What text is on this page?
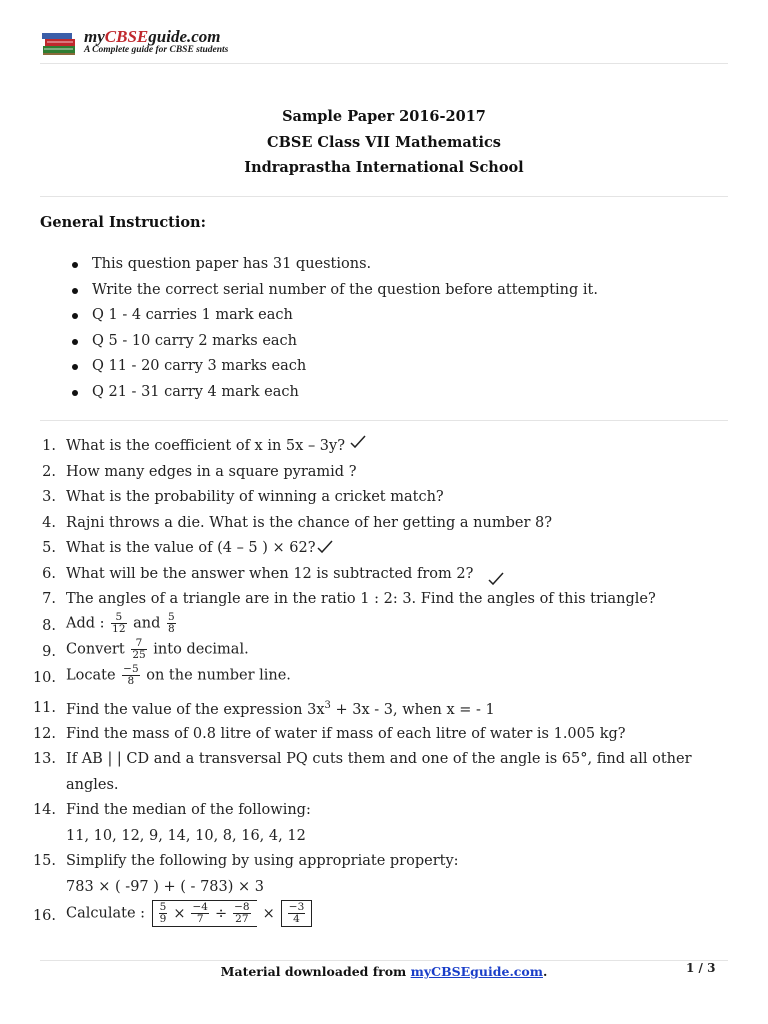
myCBSEguide.com
A Complete guide for CBSE students
Sample Paper 2016-2017
CBSE Class VII Mathematics
Indraprastha International School
General Instruction:
This question paper has 31 questions.
Write the correct serial number of the question before attempting it.
Q 1 - 4 carries 1 mark each
Q 5 - 10 carry 2 marks each
Q 11 - 20 carry 3 marks each
Q 21 - 31 carry 4 mark each
1. What is the coefficient of x in 5x – 3y?
2. How many edges in a square pyramid ?
3. What is the probability of winning a cricket match?
4. Rajni throws a die. What is the chance of her getting a number 8?
5. What is the value of (4 – 5 ) × 62?
6. What will be the answer when 12 is subtracted from 2?
7. The angles of a triangle are in the ratio 1 : 2: 3. Find the angles of this triangle?
8. Add : $\frac{5}{12}$ and $\frac{5}{8}$
9. Convert $\frac{7}{25}$ into decimal.
10. Locate $\frac{-5}{8}$ on the number line.
11. Find the value of the expression $3x^3 + 3x - 3$, when x = - 1
12. Find the mass of 0.8 litre of water if mass of each litre of water is 1.005 kg?
13. If AB | | CD and a transversal PQ cuts them and one of the angle is 65°, find all other
angles.
14. Find the median of the following:
11, 10, 12, 9, 14, 10, 8, 16, 4, 12
15. Simplify the following by using appropriate property:
783 × ( -97 ) + ( - 783) × 3
16. Calculate : $\frac{5}{9} \times \frac{-4}{7} \div \frac{-8}{27} \times \frac{-3}{4}$
Material downloaded from myCBSEguide.com.	1 / 3
